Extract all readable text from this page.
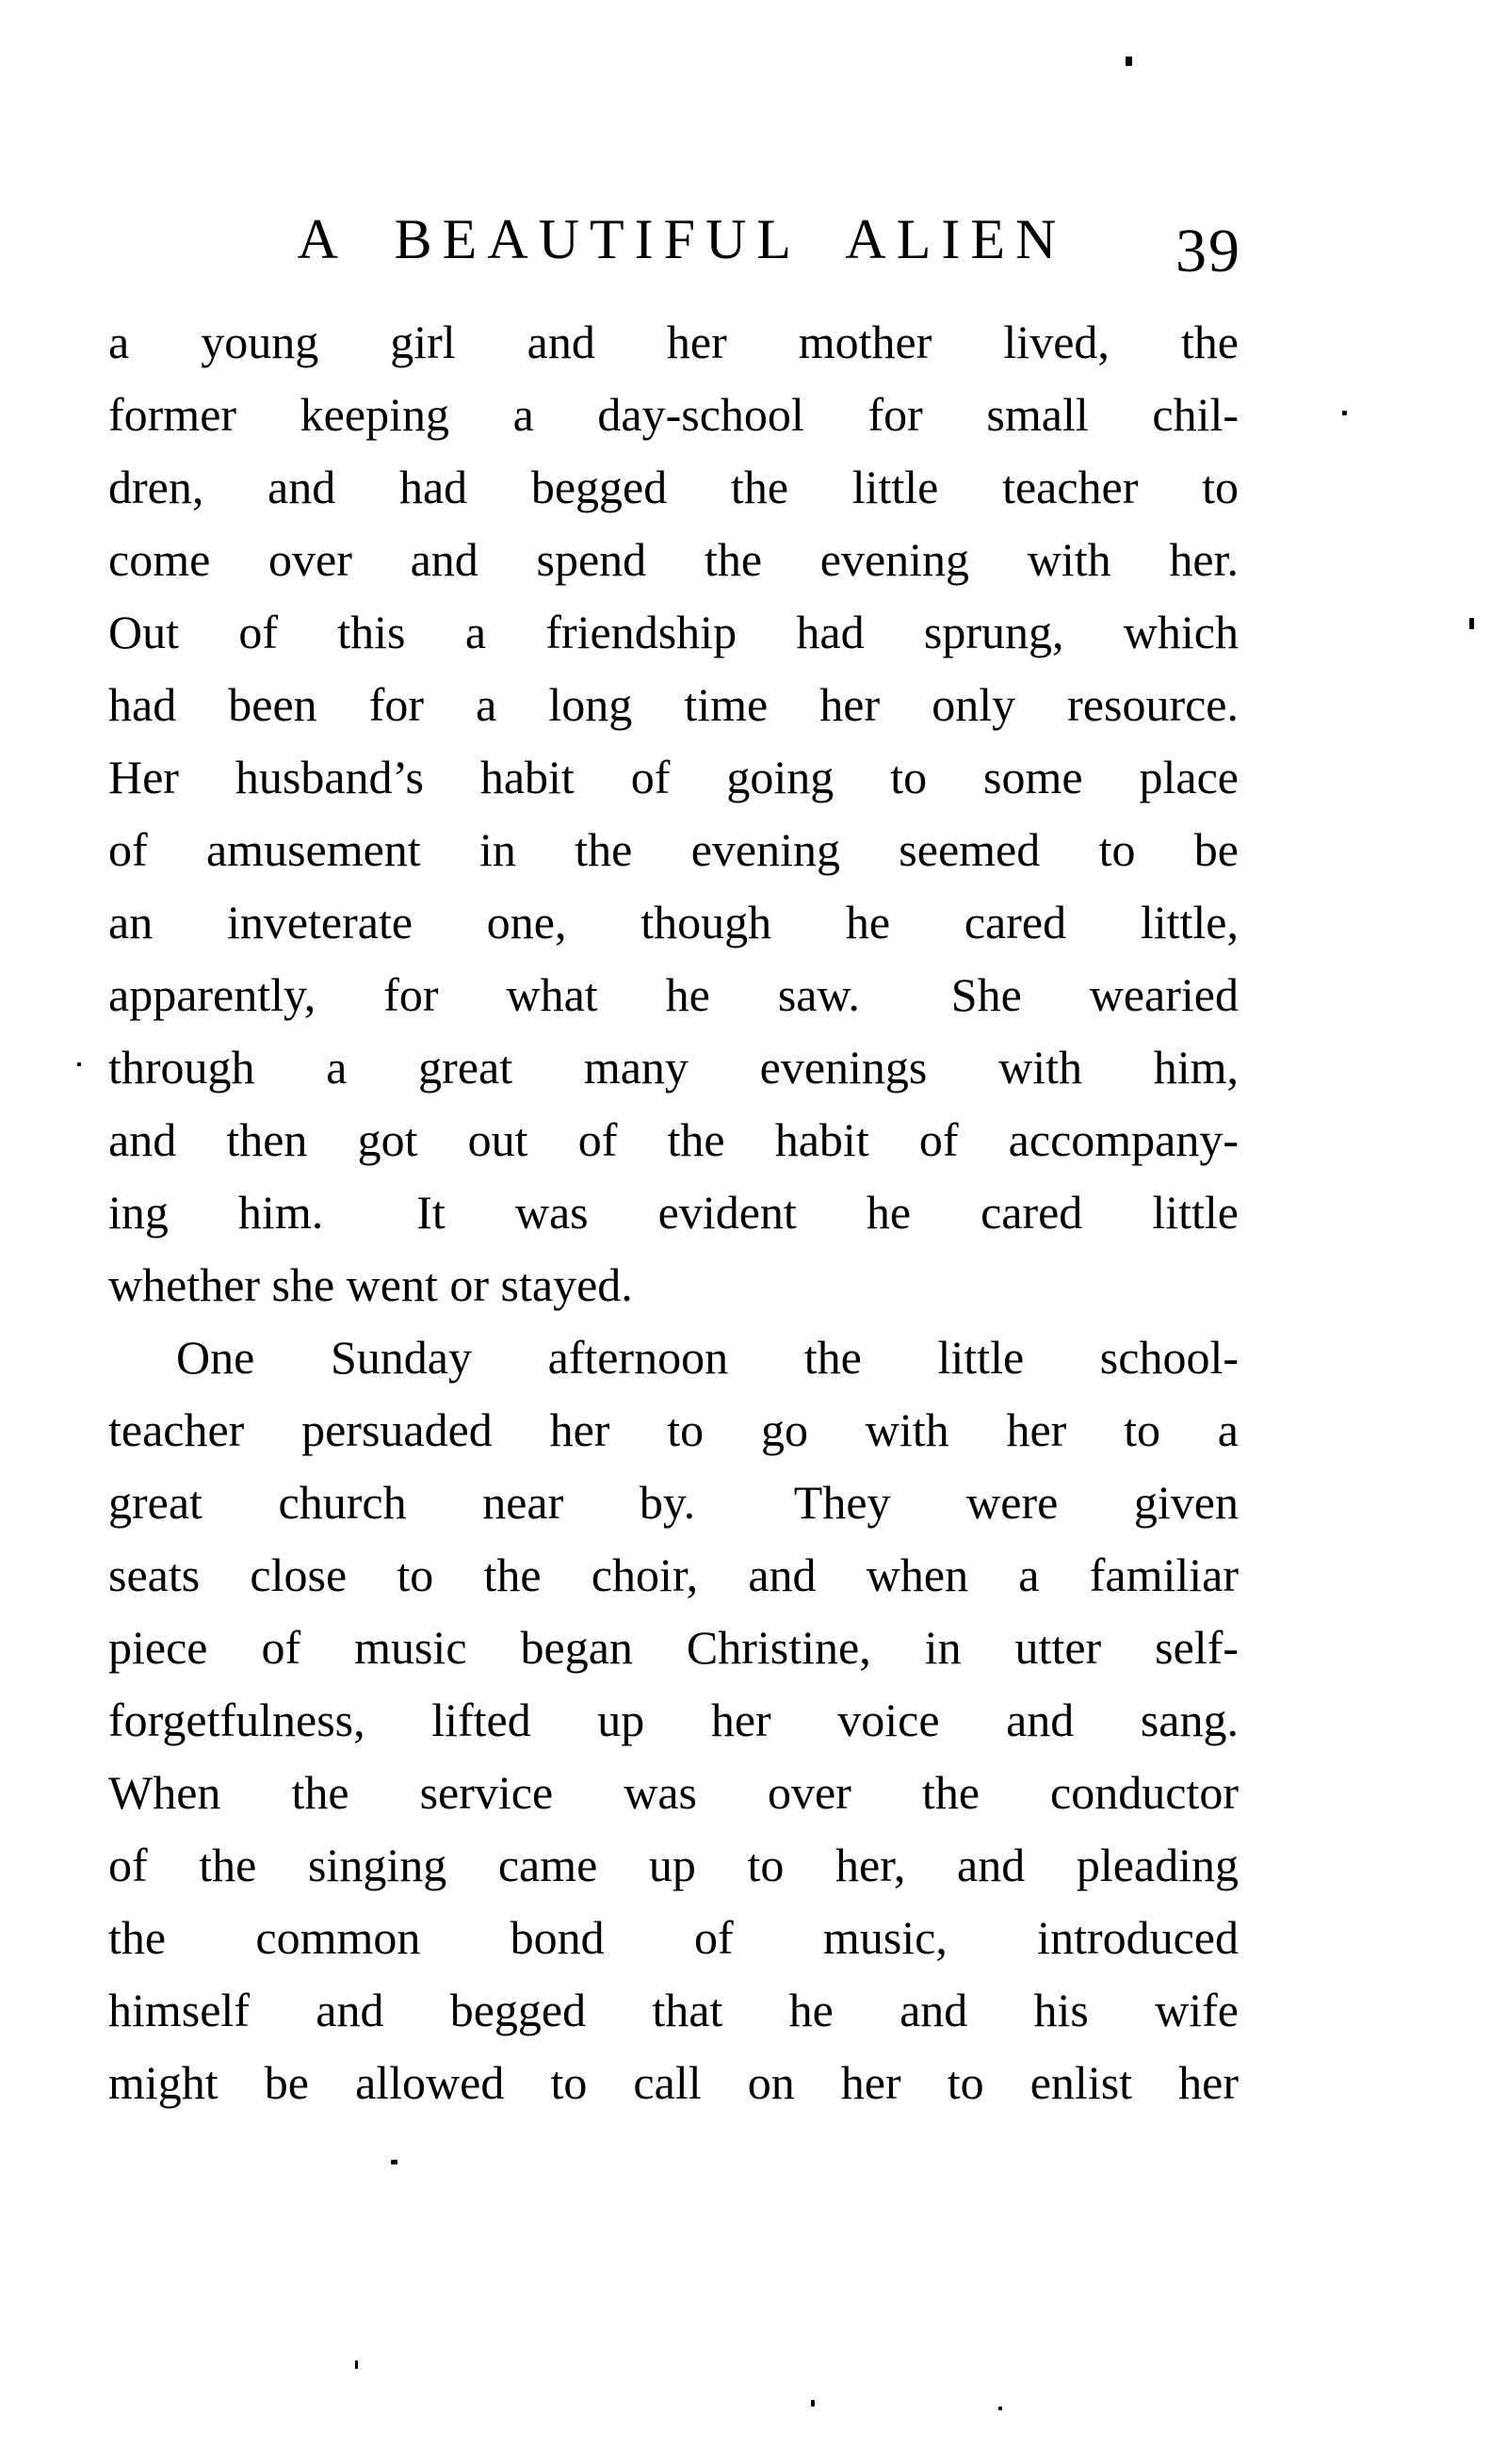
A BEAUTIFUL ALIEN	39
a young girl and her mother lived, the
former keeping a day-school for small chil-
dren, and had begged the little teacher to
come over and spend the evening with her.
Out of this a friendship had sprung, which
had been for a long time her only resource.
Her husband’s habit of going to some place
of amusement in the evening seemed to be
an inveterate one, though he cared little,
apparently, for what he saw.  She wearied
through a great many evenings with him,
and then got out of the habit of accompany-
ing him.  It was evident he cared little
whether she went or stayed.
One Sunday afternoon the little school-
teacher persuaded her to go with her to a
great church near by.  They were given
seats close to the choir, and when a familiar
piece of music began Christine, in utter self-
forgetfulness, lifted up her voice and sang.
When the service was over the conductor
of the singing came up to her, and pleading
the common bond of music, introduced
himself and begged that he and his wife
might be allowed to call on her to enlist her
